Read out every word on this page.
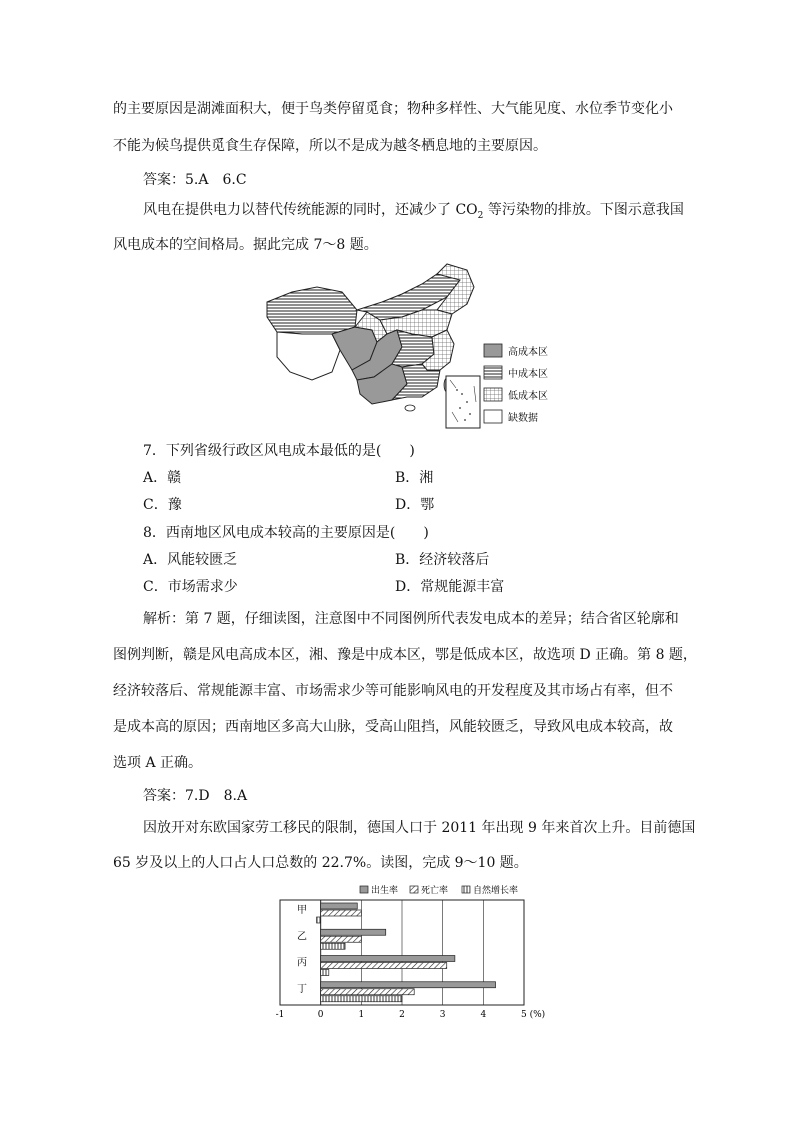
的主要原因是湖滩面积大，便于鸟类停留觅食；物种多样性、大气能见度、水位季节变化小
不能为候鸟提供觅食生存保障，所以不是成为越冬栖息地的主要原因。
答案：5.A　6.C
风电在提供电力以替代传统能源的同时，还减少了 $CO_2$ 等污染物的排放。下图示意我国
风电成本的空间格局。据此完成 7～8 题。
高成本区
中成本区
低成本区
缺数据
7．下列省级行政区风电成本最低的是(　　)
A．赣	B．湘
C．豫	D．鄂
8．西南地区风电成本较高的主要原因是(　　)
A．风能较匮乏	B．经济较落后
C．市场需求少	D．常规能源丰富
解析：第 7 题，仔细读图，注意图中不同图例所代表发电成本的差异；结合省区轮廓和
图例判断，赣是风电高成本区，湘、豫是中成本区，鄂是低成本区，故选项 D 正确。第 8 题，
经济较落后、常规能源丰富、市场需求少等可能影响风电的开发程度及其市场占有率，但不
是成本高的原因；西南地区多高大山脉，受高山阻挡，风能较匮乏，导致风电成本较高，故
选项 A 正确。
答案：7.D　8.A
因放开对东欧国家劳工移民的限制，德国人口于 2011 年出现 9 年来首次上升。目前德国
65 岁及以上的人口占人口总数的 22.7%。读图，完成 9～10 题。
出生率	死亡率	自然增长率
甲
乙
丙
丁
-1	0	1	2	3	4	5 (%)
